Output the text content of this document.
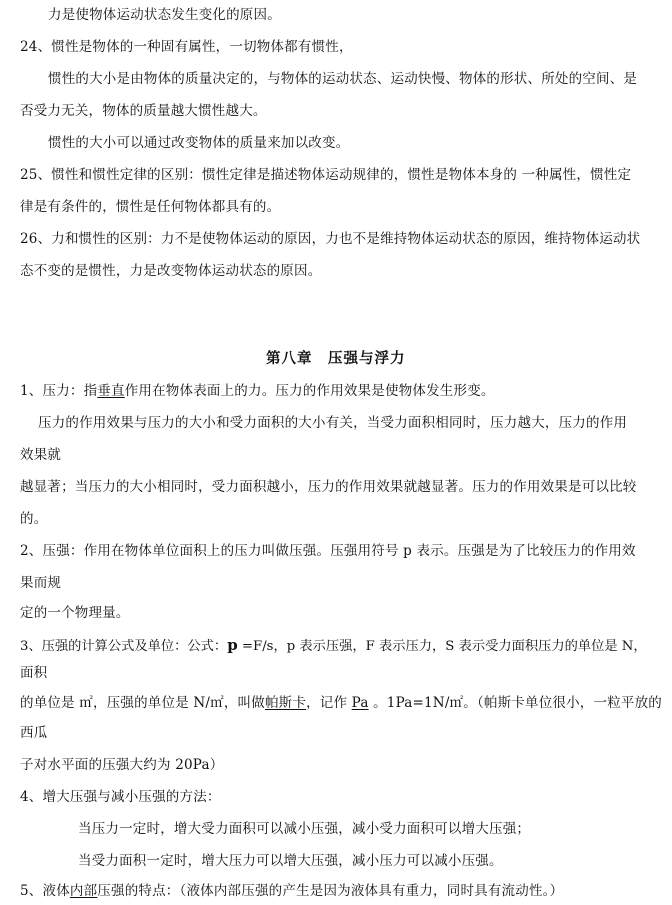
力是使物体运动状态发生变化的原因。
24、惯性是物体的一种固有属性，一切物体都有惯性，
惯性的大小是由物体的质量决定的，与物体的运动状态、运动快慢、物体的形状、所处的空间、是
否受力无关，物体的质量越大惯性越大。
惯性的大小可以通过改变物体的质量来加以改变。
25、惯性和惯性定律的区别：惯性定律是描述物体运动规律的，惯性是物体本身的 一种属性，惯性定
律是有条件的，惯性是任何物体都具有的。
26、力和惯性的区别：力不是使物体运动的原因，力也不是维持物体运动状态的原因，维持物体运动状
态不变的是惯性，力是改变物体运动状态的原因。
第八章　压强与浮力
1、压力：指垂直作用在物体表面上的力。压力的作用效果是使物体发生形变。
压力的作用效果与压力的大小和受力面积的大小有关，当受力面积相同时，压力越大，压力的作用
效果就
越显著；当压力的大小相同时，受力面积越小，压力的作用效果就越显著。压力的作用效果是可以比较
的。
2、压强：作用在物体单位面积上的压力叫做压强。压强用符号 p 表示。压强是为了比较压力的作用效
果而规
定的一个物理量。
3、压强的计算公式及单位：公式：p =F/s，p 表示压强，F 表示压力，S 表示受力面积压力的单位是 N，
面积
的单位是 ㎡，压强的单位是 N/㎡，叫做帕斯卡，记作 Pa 。1Pa=1N/㎡。（帕斯卡单位很小，一粒平放的
西瓜
子对水平面的压强大约为 20Pa）
4、增大压强与减小压强的方法：
当压力一定时，增大受力面积可以减小压强，减小受力面积可以增大压强；
当受力面积一定时，增大压力可以增大压强，减小压力可以减小压强。
5、液体内部压强的特点：（液体内部压强的产生是因为液体具有重力，同时具有流动性。）
